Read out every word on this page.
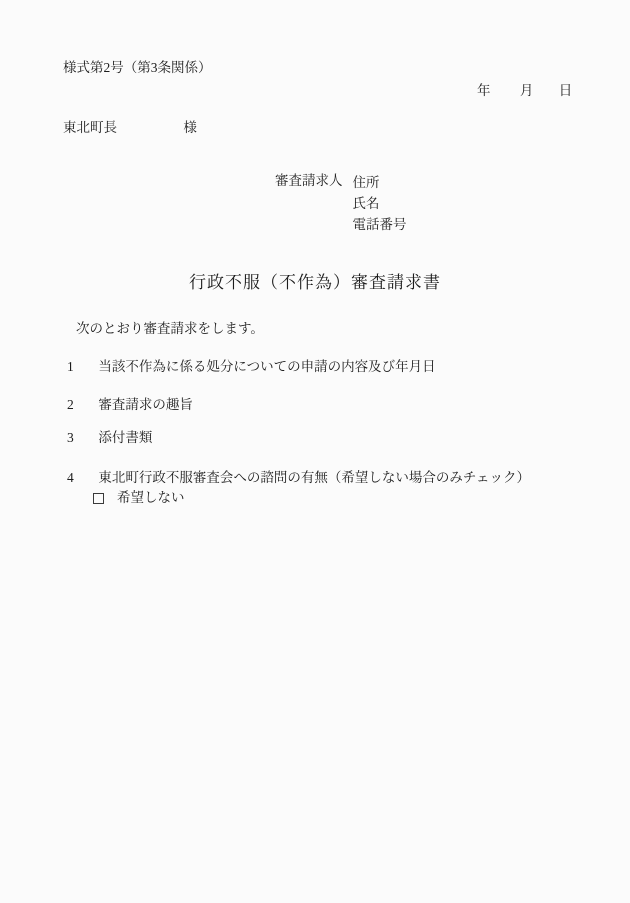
様式第2号（第3条関係）
年 月 日
東北町長	様
審査請求人 住所
氏名
電話番号
行政不服（不作為）審査請求書
次のとおり審査請求をします。
1 当該不作為に係る処分についての申請の内容及び年月日
2 審査請求の趣旨
3 添付書類
4 東北町行政不服審査会への諮問の有無（希望しない場合のみチェック）
希望しない
